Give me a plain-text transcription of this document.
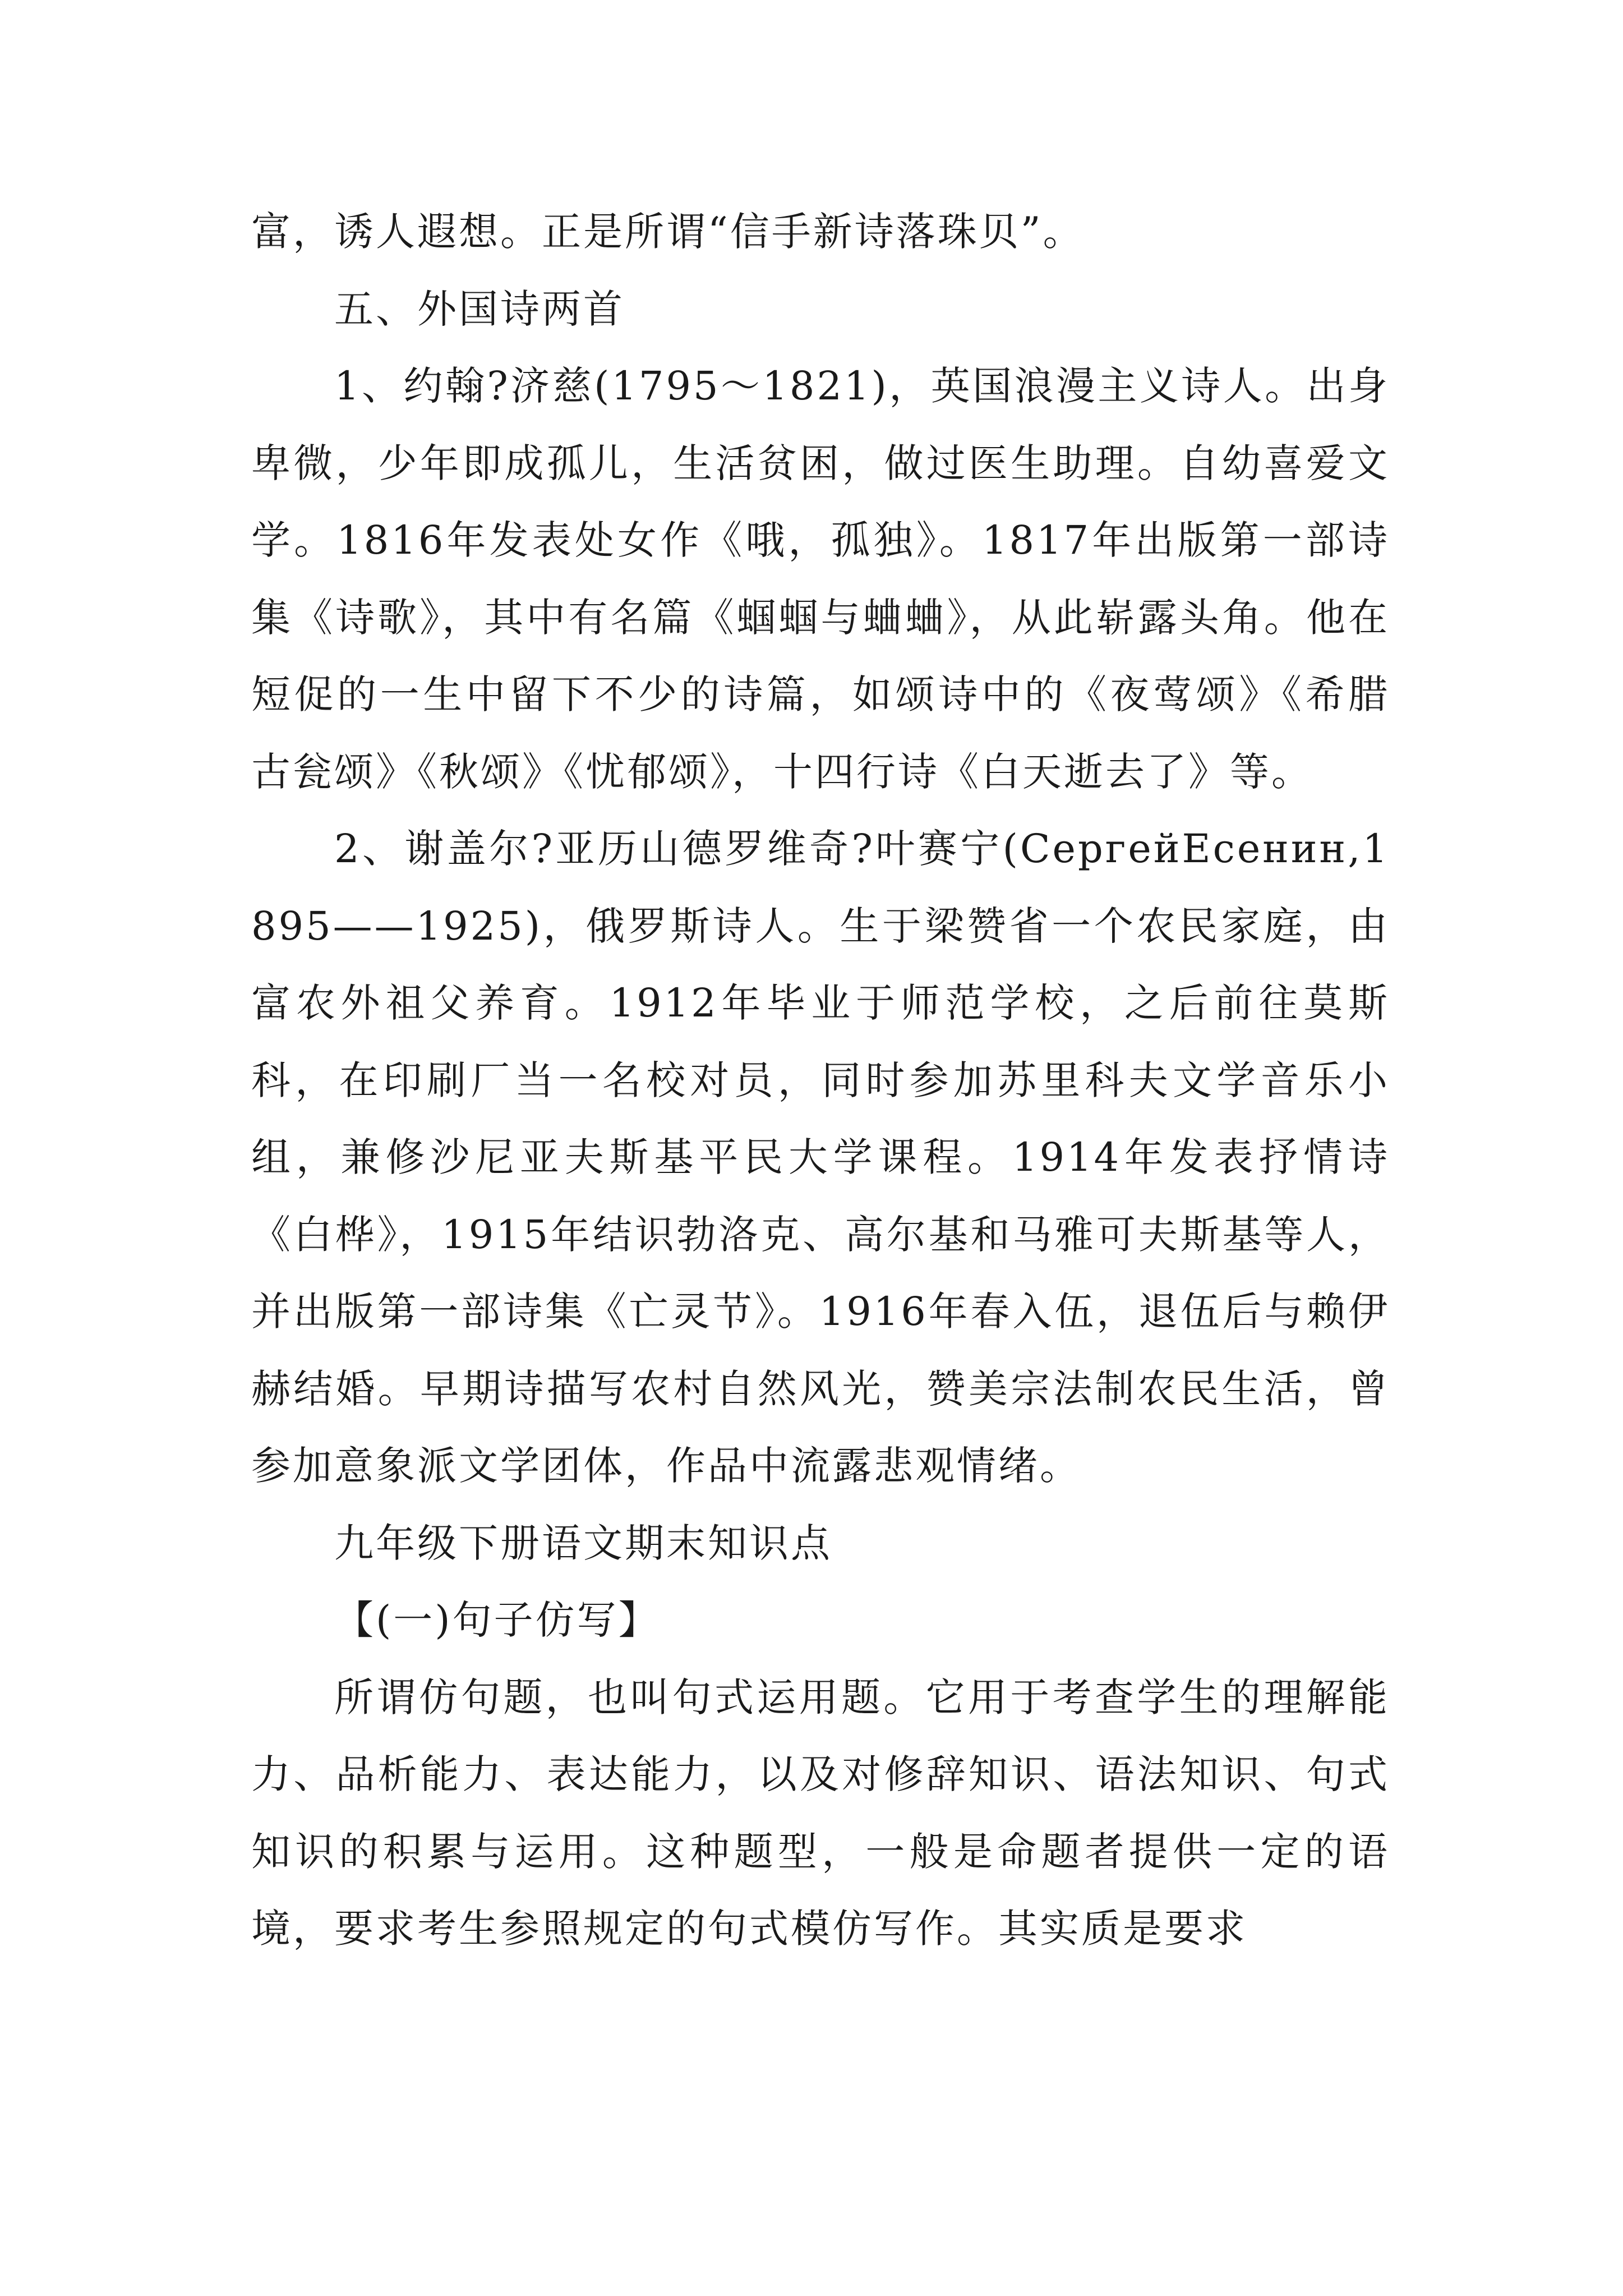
富，诱人遐想。正是所谓“信手新诗落珠贝”。

五、外国诗两首

1、约翰?济慈(1795～1821)，英国浪漫主义诗人。出身卑微，少年即成孤儿，生活贫困，做过医生助理。自幼喜爱文学。1816年发表处女作《哦，孤独》。1817年出版第一部诗集《诗歌》，其中有名篇《蝈蝈与蛐蛐》，从此崭露头角。他在短促的一生中留下不少的诗篇，如颂诗中的《夜莺颂》《希腊古瓮颂》《秋颂》《忧郁颂》，十四行诗《白天逝去了》等。

2、谢盖尔?亚历山德罗维奇?叶赛宁(СергейЕсенин,1895——1925)，俄罗斯诗人。生于梁赞省一个农民家庭，由富农外祖父养育。1912年毕业于师范学校，之后前往莫斯科，在印刷厂当一名校对员，同时参加苏里科夫文学音乐小组，兼修沙尼亚夫斯基平民大学课程。1914年发表抒情诗《白桦》，1915年结识勃洛克、高尔基和马雅可夫斯基等人，并出版第一部诗集《亡灵节》。1916年春入伍，退伍后与赖伊赫结婚。早期诗描写农村自然风光，赞美宗法制农民生活，曾参加意象派文学团体，作品中流露悲观情绪。

九年级下册语文期末知识点

【(一)句子仿写】

所谓仿句题，也叫句式运用题。它用于考查学生的理解能力、品析能力、表达能力，以及对修辞知识、语法知识、句式知识的积累与运用。这种题型，一般是命题者提供一定的语境，要求考生参照规定的句式模仿写作。其实质是要求
